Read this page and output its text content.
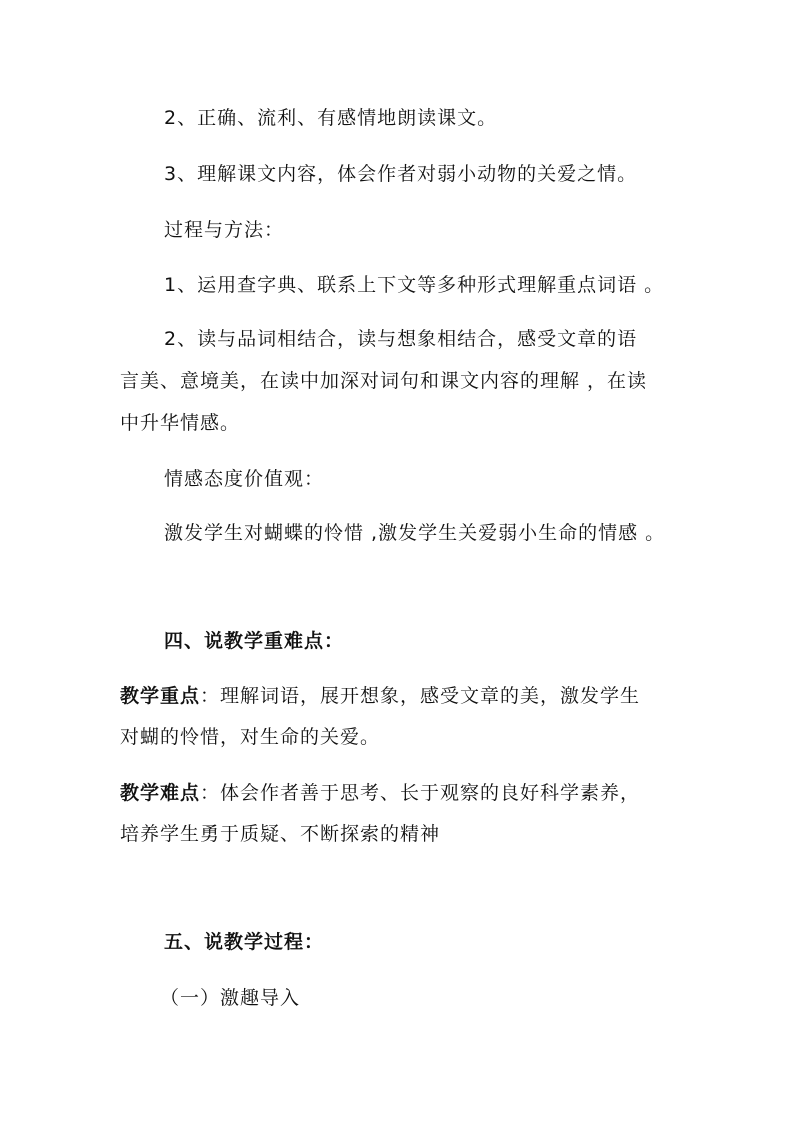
2、正确、流利、有感情地朗读课文。
3、理解课文内容，体会作者对弱小动物的关爱之情。
过程与方法：
1、运用查字典、联系上下文等多种形式理解重点词语 。
2、读与品词相结合，读与想象相结合，感受文章的语
言美、意境美，在读中加深对词句和课文内容的理解 ，在读
中升华情感。
情感态度价值观：
激发学生对蝴蝶的怜惜 ,激发学生关爱弱小生命的情感 。
四、说教学重难点：
教学重点：理解词语，展开想象，感受文章的美，激发学生
对蝴的怜惜，对生命的关爱。
教学难点：体会作者善于思考、长于观察的良好科学素养，
培养学生勇于质疑、不断探索的精神
五、说教学过程：
（一）激趣导入
